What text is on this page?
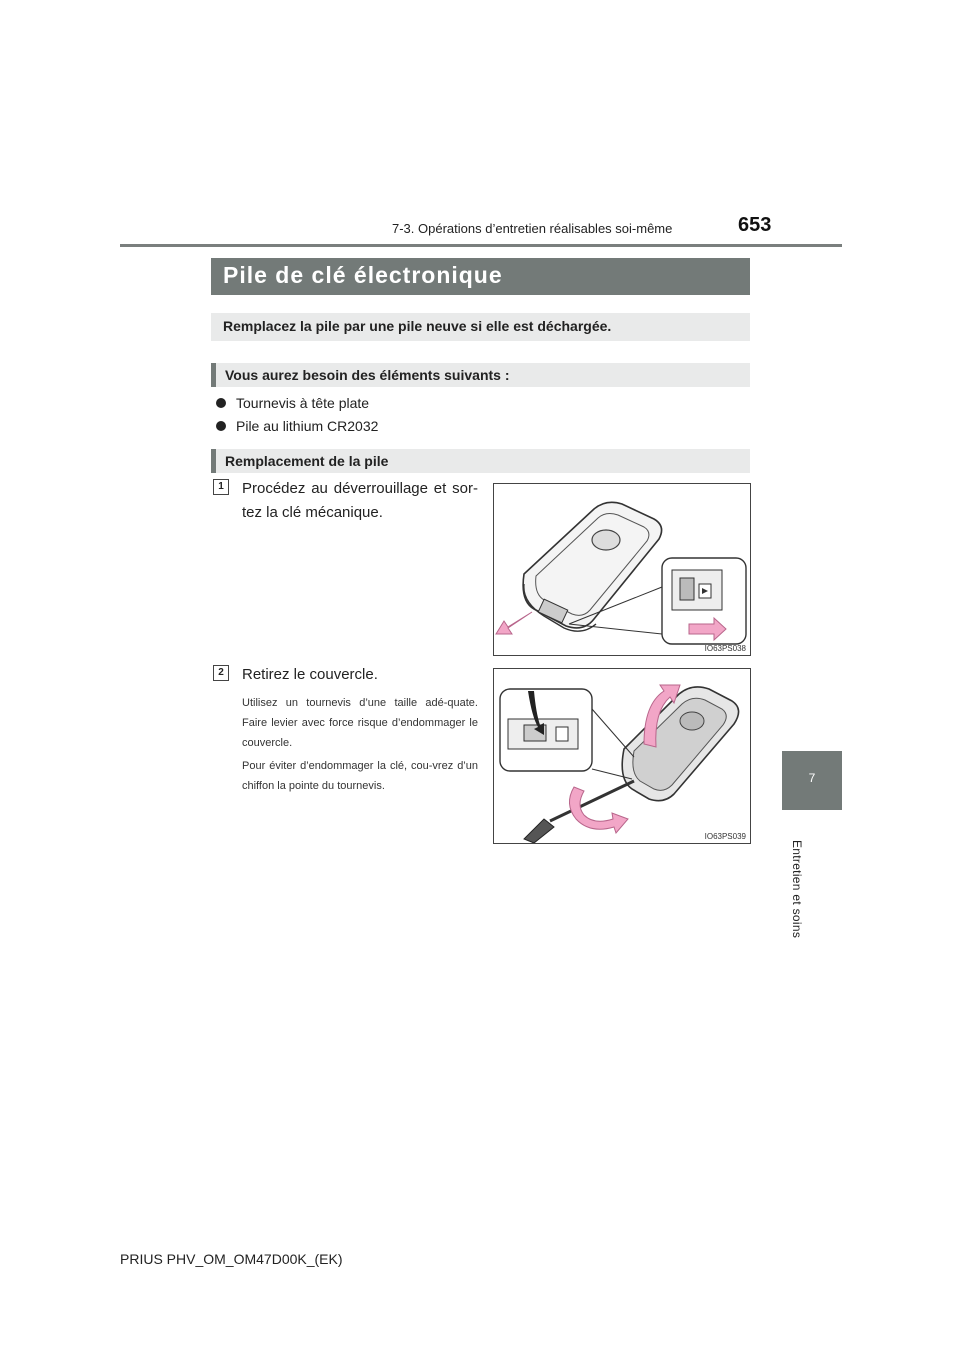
7-3. Opérations d’entretien réalisables soi-même	653
7
Entretien et soins
Pile de clé électronique
Remplacez la pile par une pile neuve si elle est déchargée.
Vous aurez besoin des éléments suivants :
Tournevis à tête plate
Pile au lithium CR2032
Remplacement de la pile
1	Procédez au déverrouillage et sor-tez la clé mécanique.
IO63PS038
2	Retirez le couvercle.
Utilisez un tournevis d’une taille adé-quate. Faire levier avec force risque d’endommager le couvercle.
Pour éviter d’endommager la clé, cou-vrez d’un chiffon la pointe du tournevis.
IO63PS039
PRIUS PHV_OM_OM47D00K_(EK)
